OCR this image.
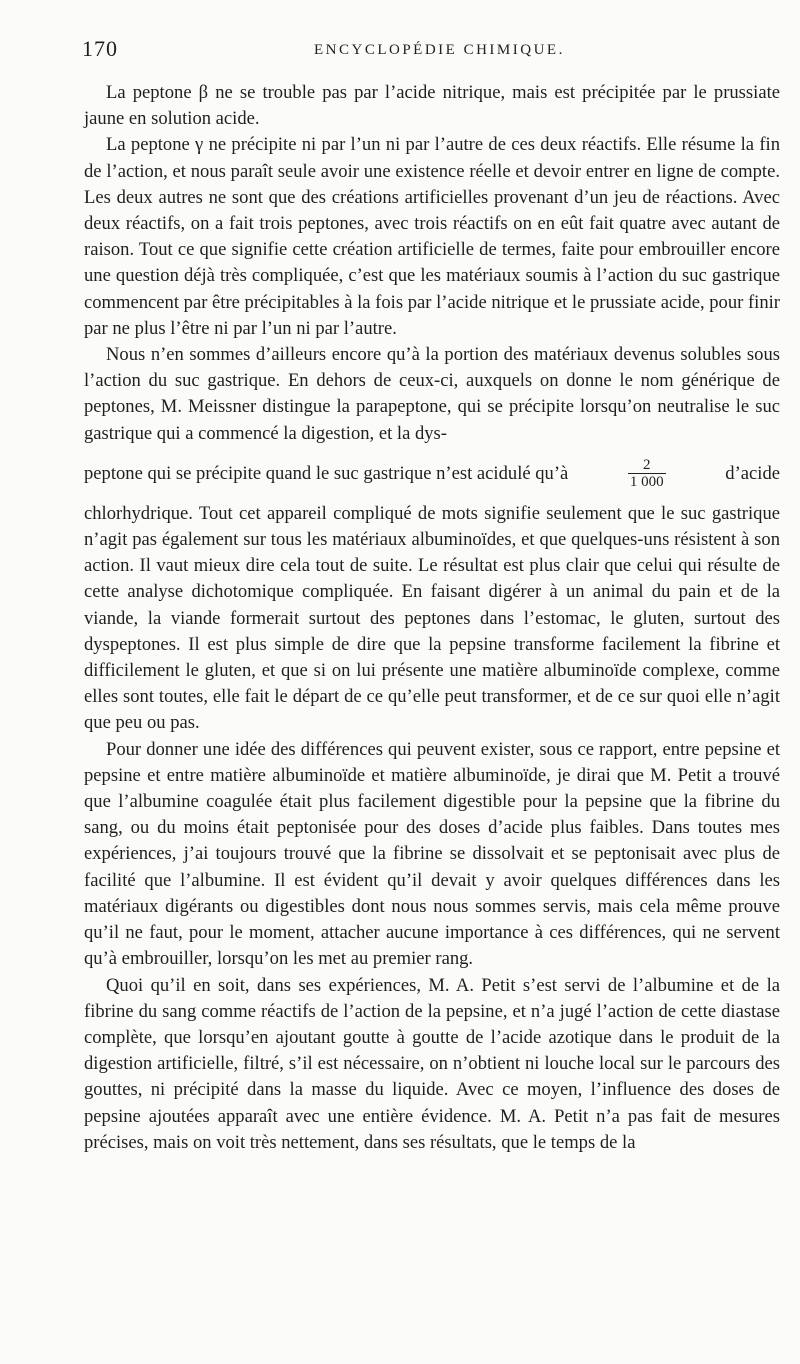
170	ENCYCLOPÉDIE CHIMIQUE.

La peptone β ne se trouble pas par l’acide nitrique, mais est précipitée par le prussiate jaune en solution acide.

La peptone γ ne précipite ni par l’un ni par l’autre de ces deux réactifs. Elle résume la fin de l’action, et nous paraît seule avoir une existence réelle et devoir entrer en ligne de compte. Les deux autres ne sont que des créations artificielles provenant d’un jeu de réactions. Avec deux réactifs, on a fait trois peptones, avec trois réactifs on en eût fait quatre avec autant de raison. Tout ce que signifie cette création artificielle de termes, faite pour embrouiller encore une question déjà très compliquée, c’est que les matériaux soumis à l’action du suc gastrique commencent par être précipitables à la fois par l’acide nitrique et le prussiate acide, pour finir par ne plus l’être ni par l’un ni par l’autre.

Nous n’en sommes d’ailleurs encore qu’à la portion des matériaux devenus solubles sous l’action du suc gastrique. En dehors de ceux-ci, auxquels on donne le nom générique de peptones, M. Meissner distingue la parapeptone, qui se précipite lorsqu’on neutralise le suc gastrique qui a commencé la digestion, et la dys-

peptone qui se précipite quand le suc gastrique n’est acidulé qu’à	$\frac{2}{1 000}$	d’acide

chlorhydrique. Tout cet appareil compliqué de mots signifie seulement que le suc gastrique n’agit pas également sur tous les matériaux albuminoïdes, et que quelques-uns résistent à son action. Il vaut mieux dire cela tout de suite. Le résultat est plus clair que celui qui résulte de cette analyse dichotomique compliquée. En faisant digérer à un animal du pain et de la viande, la viande formerait surtout des peptones dans l’estomac, le gluten, surtout des dyspeptones. Il est plus simple de dire que la pepsine transforme facilement la fibrine et difficilement le gluten, et que si on lui présente une matière albuminoïde complexe, comme elles sont toutes, elle fait le départ de ce qu’elle peut transformer, et de ce sur quoi elle n’agit que peu ou pas.

Pour donner une idée des différences qui peuvent exister, sous ce rapport, entre pepsine et pepsine et entre matière albuminoïde et matière albuminoïde, je dirai que M. Petit a trouvé que l’albumine coagulée était plus facilement digestible pour la pepsine que la fibrine du sang, ou du moins était peptonisée pour des doses d’acide plus faibles. Dans toutes mes expériences, j’ai toujours trouvé que la fibrine se dissolvait et se peptonisait avec plus de facilité que l’albumine. Il est évident qu’il devait y avoir quelques différences dans les matériaux digérants ou digestibles dont nous nous sommes servis, mais cela même prouve qu’il ne faut, pour le moment, attacher aucune importance à ces différences, qui ne servent qu’à embrouiller, lorsqu’on les met au premier rang.

Quoi qu’il en soit, dans ses expériences, M. A. Petit s’est servi de l’albumine et de la fibrine du sang comme réactifs de l’action de la pepsine, et n’a jugé l’action de cette diastase complète, que lorsqu’en ajoutant goutte à goutte de l’acide azotique dans le produit de la digestion artificielle, filtré, s’il est nécessaire, on n’obtient ni louche local sur le parcours des gouttes, ni précipité dans la masse du liquide. Avec ce moyen, l’influence des doses de pepsine ajoutées apparaît avec une entière évidence. M. A. Petit n’a pas fait de mesures précises, mais on voit très nettement, dans ses résultats, que le temps de la
